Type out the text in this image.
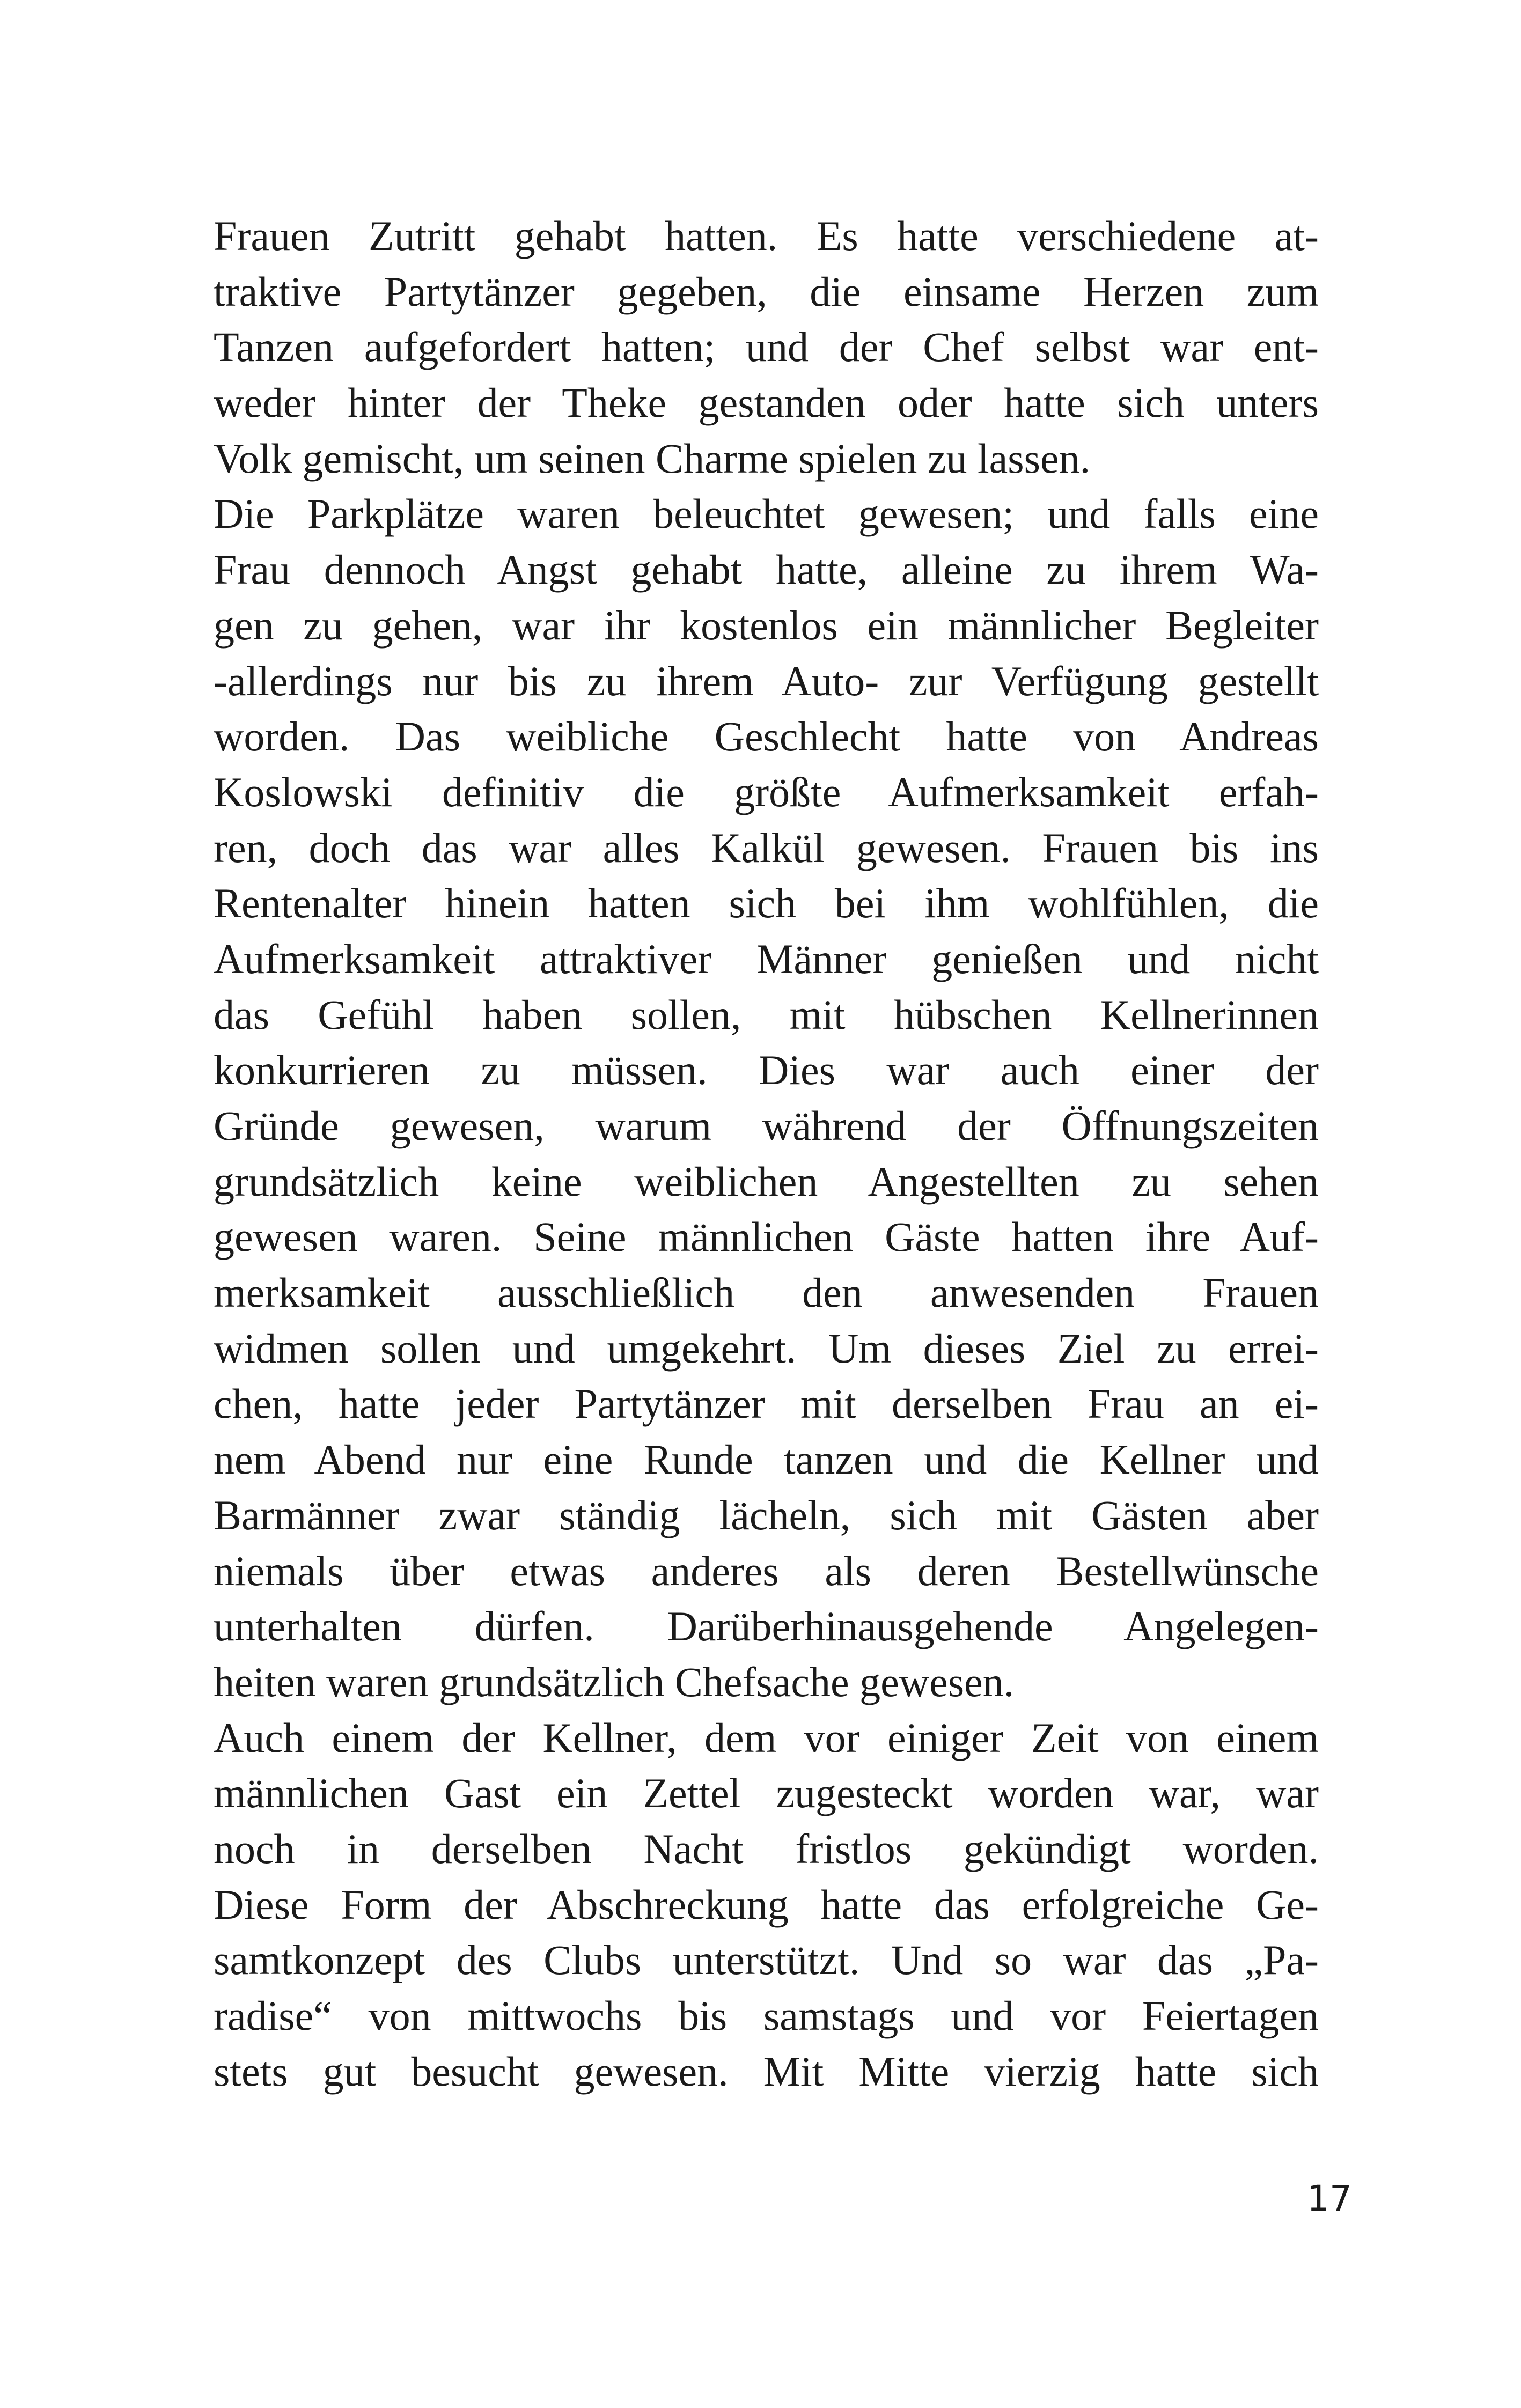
Frauen Zutritt gehabt hatten. Es hatte verschiedene at-
traktive Partytänzer gegeben, die einsame Herzen zum
Tanzen aufgefordert hatten; und der Chef selbst war ent-
weder hinter der Theke gestanden oder hatte sich unters
Volk gemischt, um seinen Charme spielen zu lassen.
Die Parkplätze waren beleuchtet gewesen; und falls eine
Frau dennoch Angst gehabt hatte, alleine zu ihrem Wa-
gen zu gehen, war ihr kostenlos ein männlicher Begleiter
-allerdings nur bis zu ihrem Auto- zur Verfügung gestellt
worden. Das weibliche Geschlecht hatte von Andreas
Koslowski definitiv die größte Aufmerksamkeit erfah-
ren, doch das war alles Kalkül gewesen. Frauen bis ins
Rentenalter hinein hatten sich bei ihm wohlfühlen, die
Aufmerksamkeit attraktiver Männer genießen und nicht
das Gefühl haben sollen, mit hübschen Kellnerinnen
konkurrieren zu müssen. Dies war auch einer der
Gründe gewesen, warum während der Öffnungszeiten
grundsätzlich keine weiblichen Angestellten zu sehen
gewesen waren. Seine männlichen Gäste hatten ihre Auf-
merksamkeit ausschließlich den anwesenden Frauen
widmen sollen und umgekehrt. Um dieses Ziel zu errei-
chen, hatte jeder Partytänzer mit derselben Frau an ei-
nem Abend nur eine Runde tanzen und die Kellner und
Barmänner zwar ständig lächeln, sich mit Gästen aber
niemals über etwas anderes als deren Bestellwünsche
unterhalten dürfen. Darüberhinausgehende Angelegen-
heiten waren grundsätzlich Chefsache gewesen.
Auch einem der Kellner, dem vor einiger Zeit von einem
männlichen Gast ein Zettel zugesteckt worden war, war
noch in derselben Nacht fristlos gekündigt worden.
Diese Form der Abschreckung hatte das erfolgreiche Ge-
samtkonzept des Clubs unterstützt. Und so war das „Pa-
radise“ von mittwochs bis samstags und vor Feiertagen
stets gut besucht gewesen. Mit Mitte vierzig hatte sich
17
